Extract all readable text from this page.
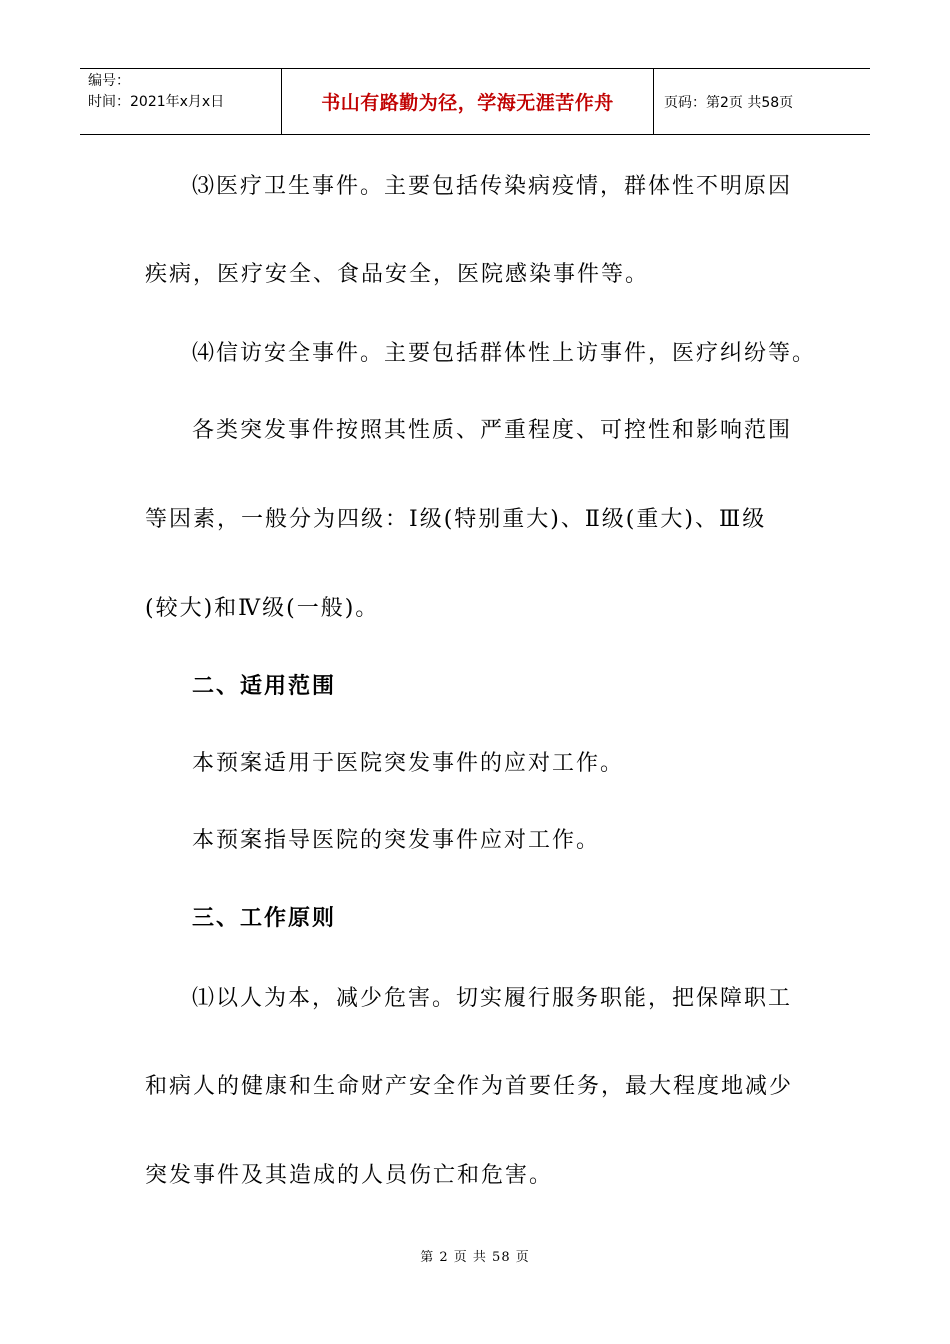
编号：
时间：2021年x月x日	书山有路勤为径，学海无涯苦作舟	页码：第2页 共58页
⑶医疗卫生事件。主要包括传染病疫情，群体性不明原因
疾病，医疗安全、食品安全，医院感染事件等。
⑷信访安全事件。主要包括群体性上访事件，医疗纠纷等。
各类突发事件按照其性质、严重程度、可控性和影响范围
等因素，一般分为四级：Ⅰ级(特别重大)、Ⅱ级(重大)、Ⅲ级
(较大)和Ⅳ级(一般)。
二、适用范围
本预案适用于医院突发事件的应对工作。
本预案指导医院的突发事件应对工作。
三、工作原则
⑴以人为本，减少危害。切实履行服务职能，把保障职工
和病人的健康和生命财产安全作为首要任务，最大程度地减少
突发事件及其造成的人员伤亡和危害。
第 2 页 共 58 页
